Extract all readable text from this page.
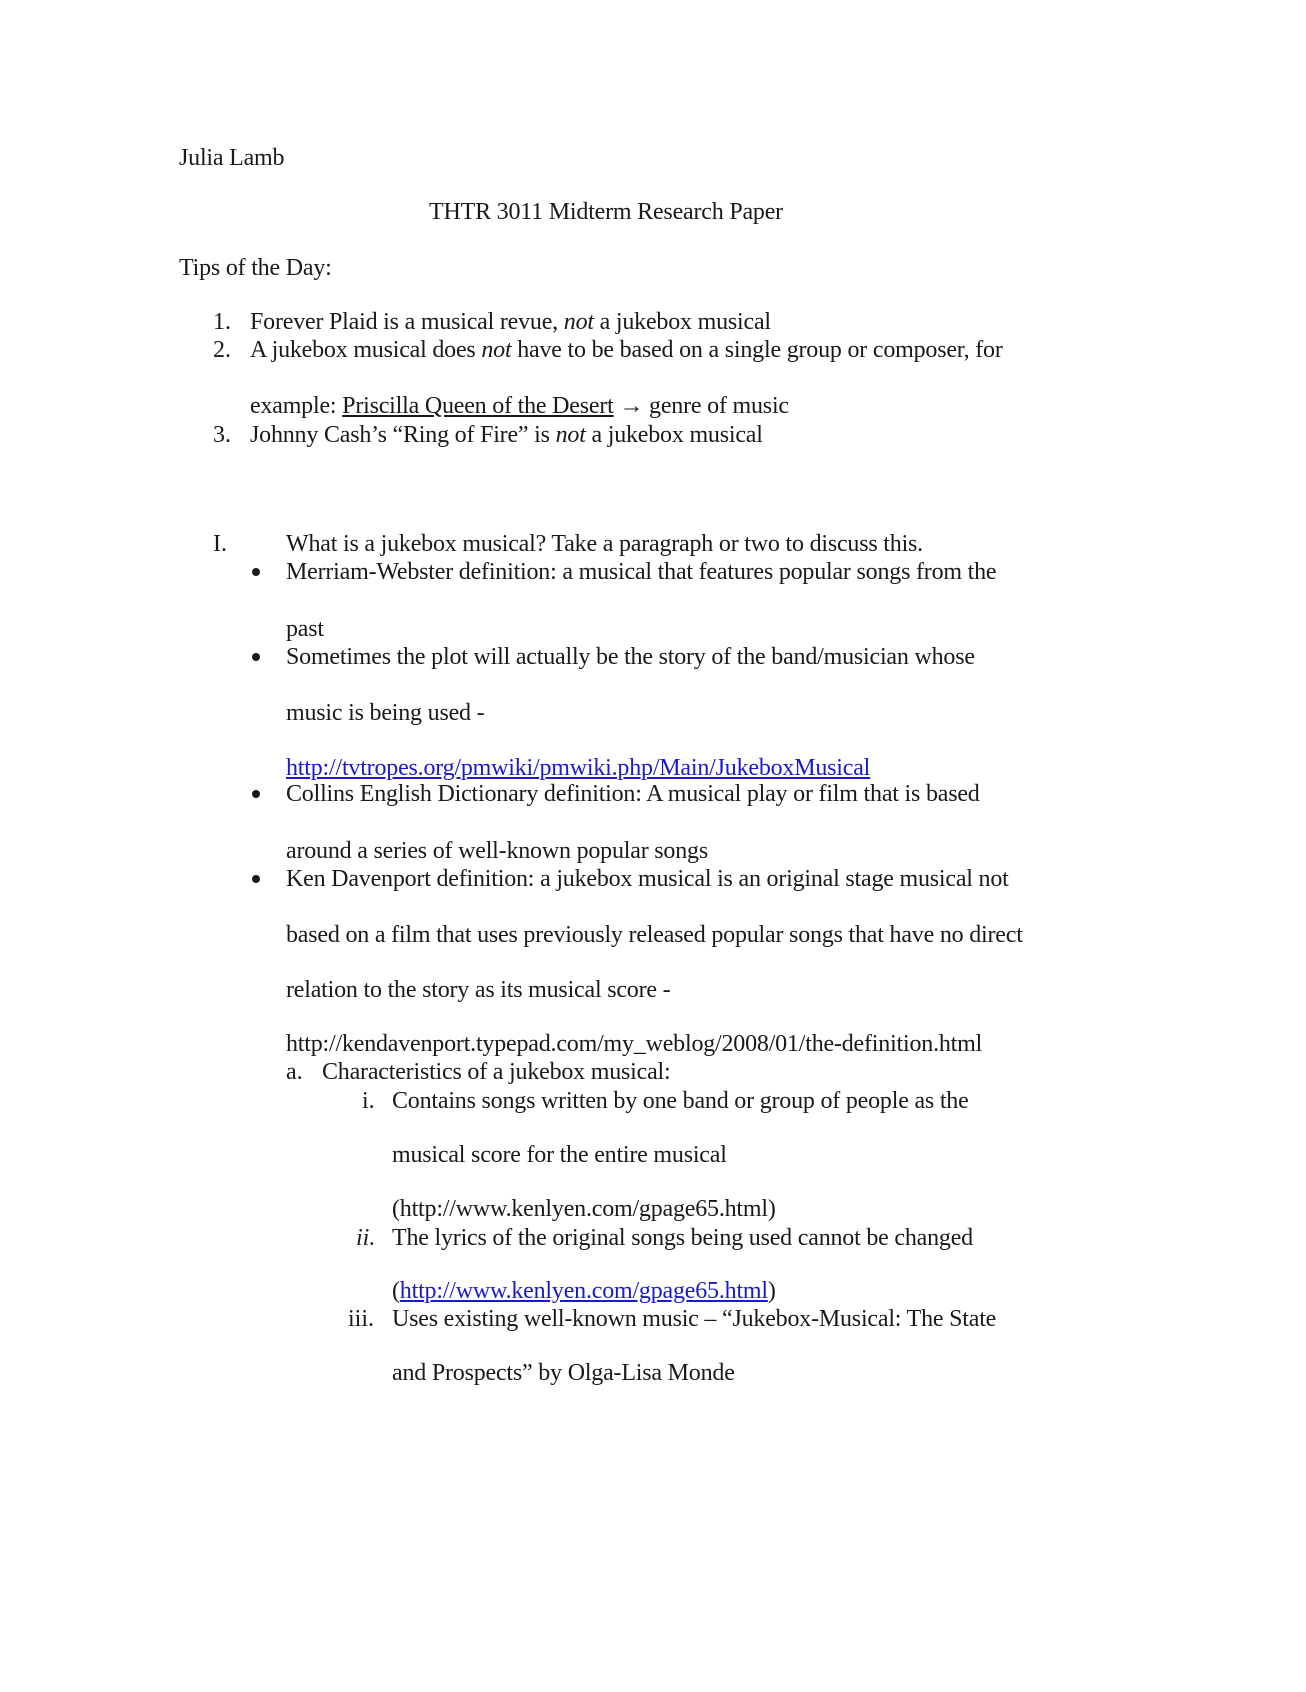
Julia Lamb
THTR 3011 Midterm Research Paper
Tips of the Day:
1. Forever Plaid is a musical revue, not a jukebox musical
2. A jukebox musical does not have to be based on a single group or composer, for
example: Priscilla Queen of the Desert → genre of music
3. Johnny Cash’s “Ring of Fire” is not a jukebox musical
I. What is a jukebox musical? Take a paragraph or two to discuss this.
Merriam-Webster definition: a musical that features popular songs from the
past
Sometimes the plot will actually be the story of the band/musician whose
music is being used -
http://tvtropes.org/pmwiki/pmwiki.php/Main/JukeboxMusical
Collins English Dictionary definition: A musical play or film that is based
around a series of well-known popular songs
Ken Davenport definition: a jukebox musical is an original stage musical not
based on a film that uses previously released popular songs that have no direct
relation to the story as its musical score -
http://kendavenport.typepad.com/my_weblog/2008/01/the-definition.html
a. Characteristics of a jukebox musical:
i. Contains songs written by one band or group of people as the
musical score for the entire musical
(http://www.kenlyen.com/gpage65.html)
ii. The lyrics of the original songs being used cannot be changed
(http://www.kenlyen.com/gpage65.html)
iii. Uses existing well-known music – “Jukebox-Musical: The State
and Prospects” by Olga-Lisa Monde
